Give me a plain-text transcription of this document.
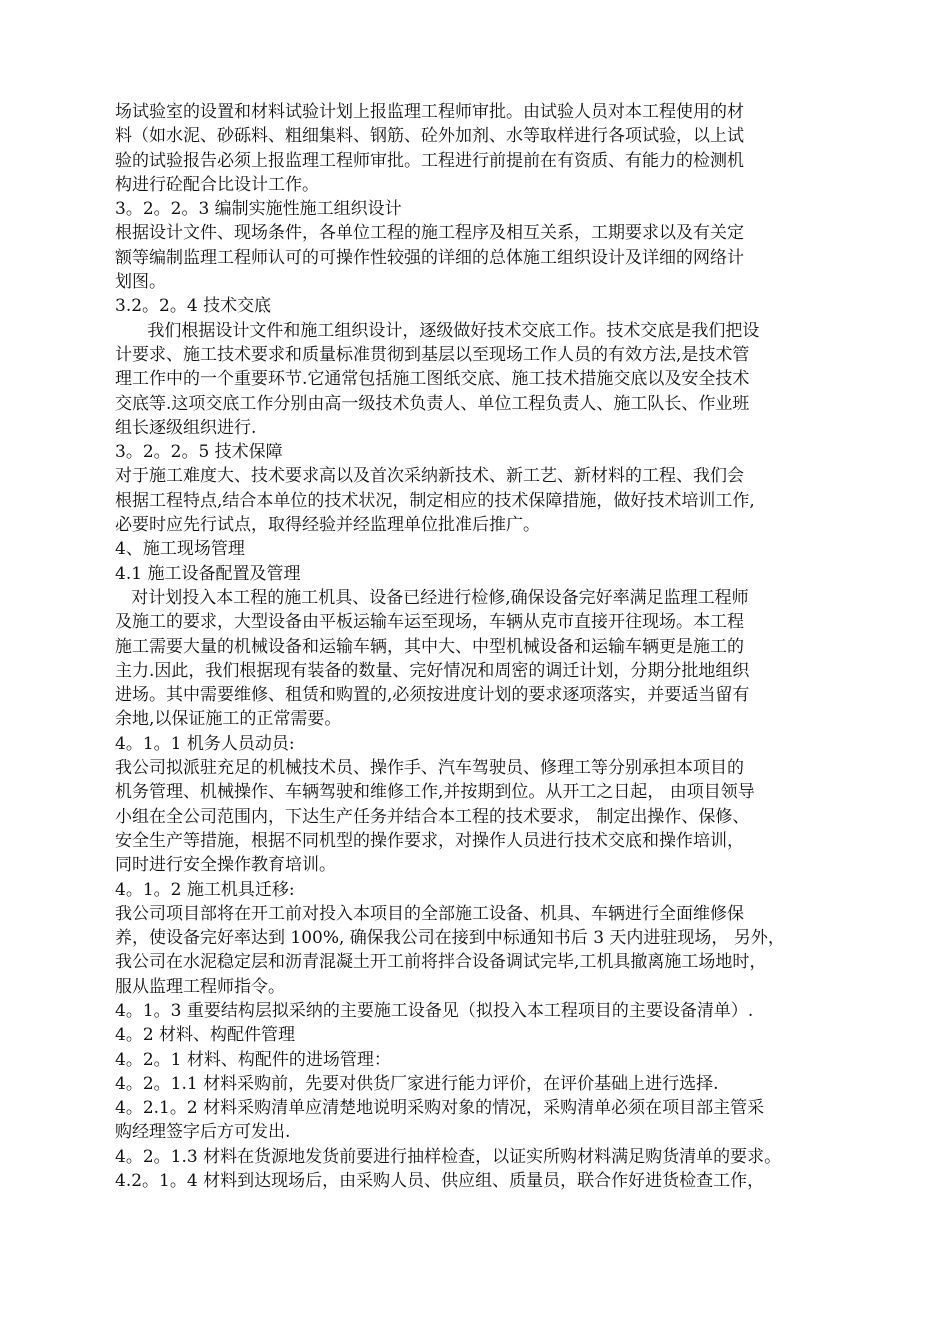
场试验室的设置和材料试验计划上报监理工程师审批。由试验人员对本工程使用的材
料（如水泥、砂砾料、粗细集料、钢筋、砼外加剂、水等取样进行各项试验，以上试
验的试验报告必须上报监理工程师审批。工程进行前提前在有资质、有能力的检测机
构进行砼配合比设计工作。
3。2。2。3 编制实施性施工组织设计
根据设计文件、现场条件，各单位工程的施工程序及相互关系，工期要求以及有关定
额等编制监理工程师认可的可操作性较强的详细的总体施工组织设计及详细的网络计
划图。
3.2。2。4 技术交底
我们根据设计文件和施工组织设计，逐级做好技术交底工作。技术交底是我们把设
计要求、施工技术要求和质量标准贯彻到基层以至现场工作人员的有效方法,是技术管
理工作中的一个重要环节.它通常包括施工图纸交底、施工技术措施交底以及安全技术
交底等.这项交底工作分别由高一级技术负责人、单位工程负责人、施工队长、作业班
组长逐级组织进行.
3。2。2。5 技术保障
对于施工难度大、技术要求高以及首次采纳新技术、新工艺、新材料的工程、我们会
根据工程特点,结合本单位的技术状况，制定相应的技术保障措施，做好技术培训工作,
必要时应先行试点，取得经验并经监理单位批准后推广。
4、施工现场管理
4.1 施工设备配置及管理
对计划投入本工程的施工机具、设备已经进行检修,确保设备完好率满足监理工程师
及施工的要求，大型设备由平板运输车运至现场，车辆从克市直接开往现场。本工程
施工需要大量的机械设备和运输车辆，其中大、中型机械设备和运输车辆更是施工的
主力.因此，我们根据现有装备的数量、完好情况和周密的调迁计划，分期分批地组织
进场。其中需要维修、租赁和购置的,必须按进度计划的要求逐项落实，并要适当留有
余地,以保证施工的正常需要。
4。1。1 机务人员动员:
我公司拟派驻充足的机械技术员、操作手、汽车驾驶员、修理工等分别承担本项目的
机务管理、机械操作、车辆驾驶和维修工作,并按期到位。从开工之日起， 由项目领导
小组在全公司范围内，下达生产任务并结合本工程的技术要求， 制定出操作、保修、
安全生产等措施，根据不同机型的操作要求，对操作人员进行技术交底和操作培训，
同时进行安全操作教育培训。
4。1。2 施工机具迁移:
我公司项目部将在开工前对投入本项目的全部施工设备、机具、车辆进行全面维修保
养，使设备完好率达到 100%, 确保我公司在接到中标通知书后 3 天内进驻现场， 另外，
我公司在水泥稳定层和沥青混凝土开工前将拌合设备调试完毕,工机具撤离施工场地时，
服从监理工程师指令。
4。1。3 重要结构层拟采纳的主要施工设备见（拟投入本工程项目的主要设备清单）.
4。2 材料、构配件管理
4。2。1 材料、构配件的进场管理：
4。2。1.1 材料采购前，先要对供货厂家进行能力评价，在评价基础上进行选择.
4。2.1。2 材料采购清单应清楚地说明采购对象的情况，采购清单必须在项目部主管采
购经理签字后方可发出.
4。2。1.3 材料在货源地发货前要进行抽样检查，以证实所购材料满足购货清单的要求。
4.2。1。4 材料到达现场后，由采购人员、供应组、质量员，联合作好进货检查工作，
